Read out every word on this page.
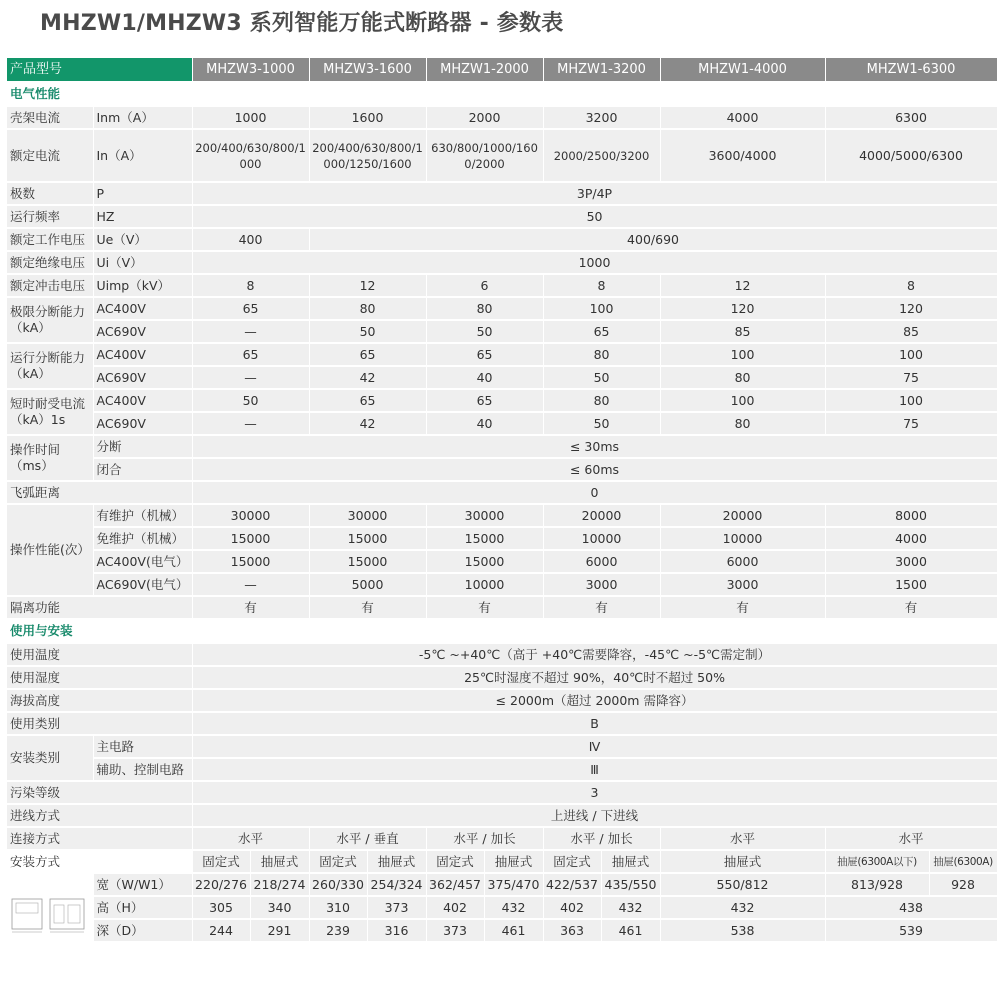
MHZW1/MHZW3 系列智能万能式断路器 - 参数表
产品型号		MHZW3-1000		MHZW3-1600		MHZW1-2000		MHZW1-3200		MHZW1-4000	MHZW1-6300	
电气性能												
壳架电流	Inm（A）	1000		1600		2000		3200		4000	6300	
额定电流	In（A）	200/400/630/800/1000		200/400/630/800/1000/1250/1600		630/800/1000/1600/2000		2000/2500/3200		3600/4000	4000/5000/6300	
极数	P	3P/4P										
运行频率	HZ	50										
额定工作电压	Ue（V）	400		400/690								
额定绝缘电压	Ui（V）	1000										
额定冲击电压	Uimp（kV）	8		12		6		8		12	8	
极限分断能力（kA）	AC400V	65		80		80		100		120	120	
	AC690V	—		50		50		65		85	85	
运行分断能力（kA）	AC400V	65		65		65		80		100	100	
	AC690V	—		42		40		50		80	75	
短时耐受电流（kA）1s	AC400V	50		65		65		80		100	100	
	AC690V	—		42		40		50		80	75	
操作时间（ms）	分断	≤ 30ms										
	闭合	≤ 60ms										
飞弧距离		0										
操作性能(次）	有维护（机械）	30000		30000		30000		20000		20000	8000	
	免维护（机械）	15000		15000		15000		10000		10000	4000	
	AC400V(电气）	15000		15000		15000		6000		6000	3000	
	AC690V(电气）	—		5000		10000		3000		3000	1500	
隔离功能		有		有		有		有		有	有	
使用与安装												
使用温度		-5℃ ~+40℃（高于 +40℃需要降容，-45℃ ~-5℃需定制）										
使用湿度		25℃时湿度不超过 90%，40℃时不超过 50%										
海拔高度		≤ 2000m（超过 2000m 需降容）										
使用类别		B										
安装类别	主电路	Ⅳ										
	辅助、控制电路	Ⅲ										
污染等级		3										
进线方式		上进线 / 下进线										
连接方式		水平		水平 / 垂直		水平 / 加长		水平 / 加长		水平	水平	
安装方式		固定式	抽屉式	固定式	抽屉式	固定式	抽屉式	固定式	抽屉式	抽屉式	抽屉(6300A以下)	抽屉(6300A)

	宽（W/W1）	220/276	218/274	260/330	254/324	362/457	375/470	422/537	435/550	550/812	813/928	928
	高（H）	305	340	310	373	402	432	402	432	432	438	
	深（D）	244	291	239	316	373	461	363	461	538	539	
